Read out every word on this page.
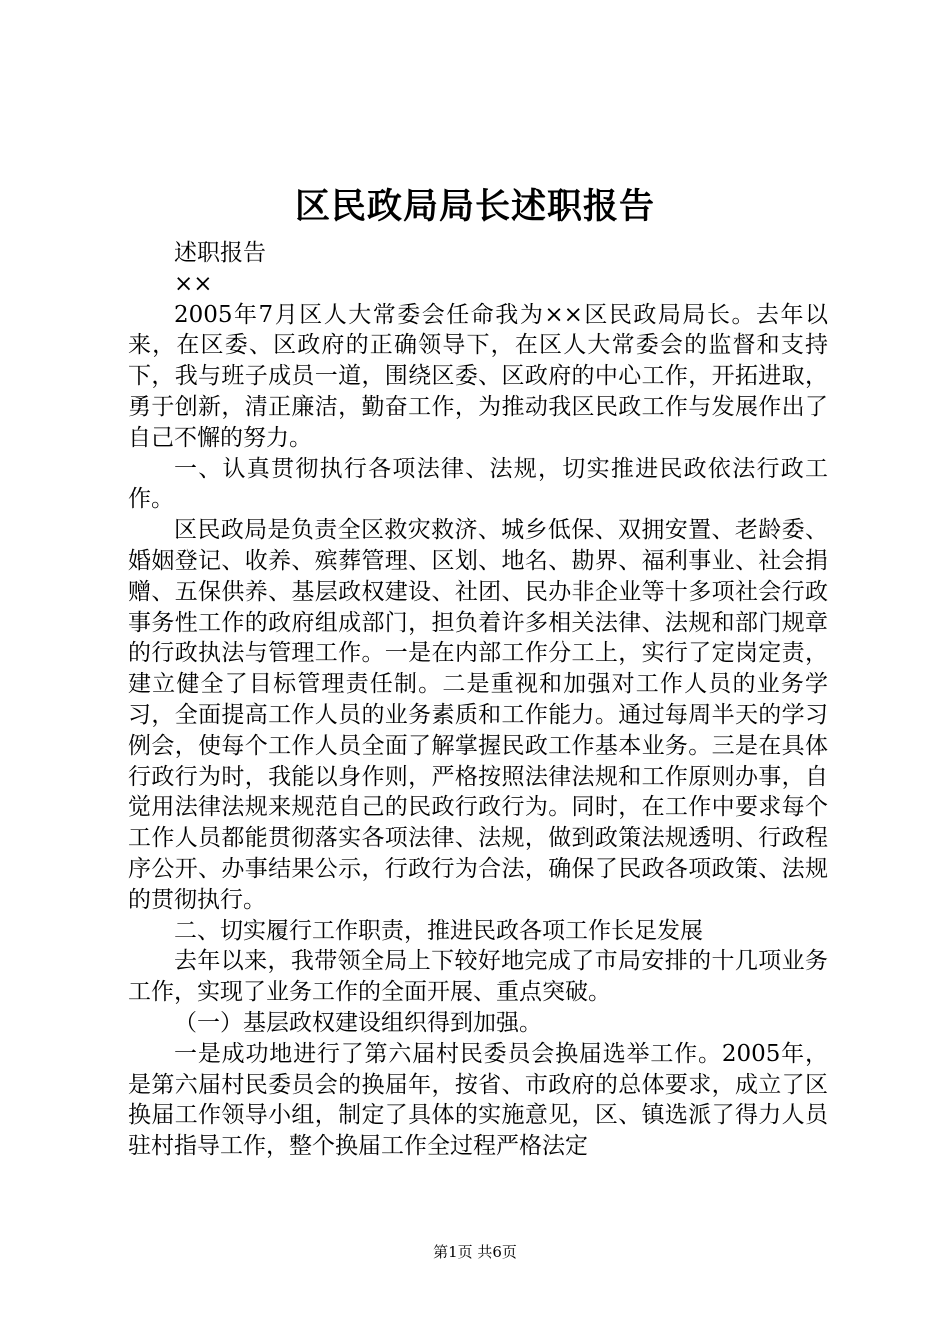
区民政局局长述职报告

述职报告

××

2005年7月区人大常委会任命我为××区民政局局长。去年以来，在区委、区政府的正确领导下，在区人大常委会的监督和支持下，我与班子成员一道，围绕区委、区政府的中心工作，开拓进取，勇于创新，清正廉洁，勤奋工作，为推动我区民政工作与发展作出了自己不懈的努力。

一、认真贯彻执行各项法律、法规，切实推进民政依法行政工作。

区民政局是负责全区救灾救济、城乡低保、双拥安置、老龄委、婚姻登记、收养、殡葬管理、区划、地名、勘界、福利事业、社会捐赠、五保供养、基层政权建设、社团、民办非企业等十多项社会行政事务性工作的政府组成部门，担负着许多相关法律、法规和部门规章的行政执法与管理工作。一是在内部工作分工上，实行了定岗定责，建立健全了目标管理责任制。二是重视和加强对工作人员的业务学习，全面提高工作人员的业务素质和工作能力。通过每周半天的学习例会，使每个工作人员全面了解掌握民政工作基本业务。三是在具体行政行为时，我能以身作则，严格按照法律法规和工作原则办事，自觉用法律法规来规范自己的民政行政行为。同时，在工作中要求每个工作人员都能贯彻落实各项法律、法规，做到政策法规透明、行政程序公开、办事结果公示，行政行为合法，确保了民政各项政策、法规的贯彻执行。

二、切实履行工作职责，推进民政各项工作长足发展

去年以来，我带领全局上下较好地完成了市局安排的十几项业务工作，实现了业务工作的全面开展、重点突破。

（一）基层政权建设组织得到加强。

一是成功地进行了第六届村民委员会换届选举工作。2005年，是第六届村民委员会的换届年，按省、市政府的总体要求，成立了区换届工作领导小组，制定了具体的实施意见，区、镇选派了得力人员驻村指导工作，整个换届工作全过程严格法定

第1页 共6页
